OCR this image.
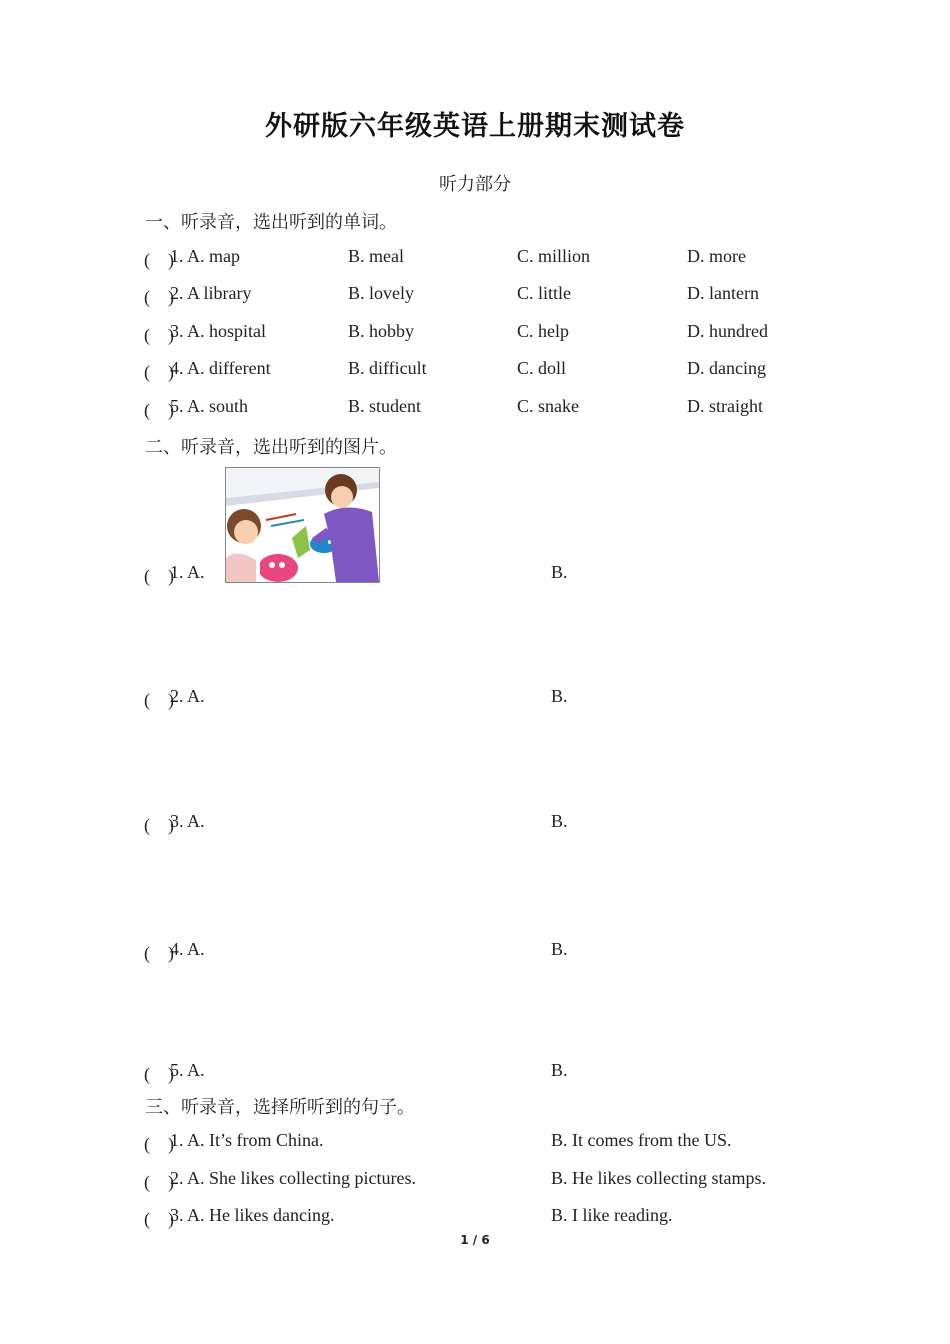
外研版六年级英语上册期末测试卷
听力部分
一、听录音，选出听到的单词。
(　)
1. A. map	B. meal	C. million	D. more
(　)
2. A library	B. lovely	C. little	D. lantern
(　)
3. A. hospital	B. hobby	C. help	D. hundred
(　)
4. A. different	B. difficult	C. doll	D. dancing
(　)
5. A. south	B. student	C. snake	D. straight
二、听录音，选出听到的图片。
(　)
1. A.	B.
(　)
2. A.	B.
(　)
3. A.	B.
(　)
4. A.	B.
(　)
5. A.	B.
三、听录音，选择所听到的句子。
(　)
1. A. It’s from China.	B. It comes from the US.
(　)
2. A. She likes collecting pictures.	B. He likes collecting stamps.
(　)
3. A. He likes dancing.	B. I like reading.
1 / 6
